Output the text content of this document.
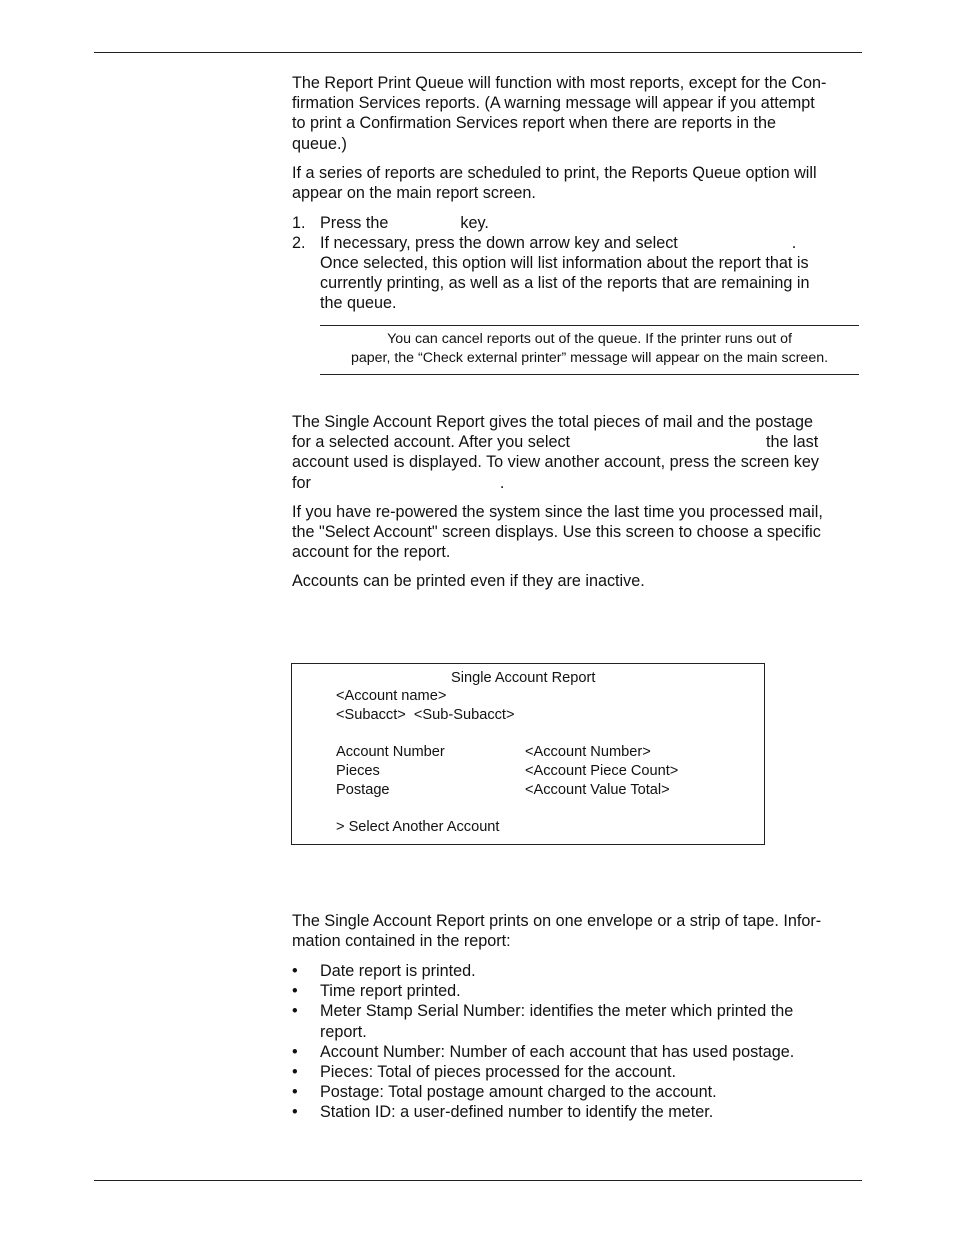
The Report Print Queue will function with most reports, except for the Con-
firmation Services reports. (A warning message will appear if you attempt
to print a Confirmation Services report when there are reports in the
queue.)

If a series of reports are scheduled to print, the Reports Queue option will
appear on the main report screen.

1. Press the	key.
2. If necessary, press the down arrow key and select	.
Once selected, this option will list information about the report that is
currently printing, as well as a list of the reports that are remaining in
the queue.
You can cancel reports out of the queue. If the printer runs out of
paper, the “Check external printer” message will appear on the main screen.

The Single Account Report gives the total pieces of mail and the postage
for a selected account. After you select	the last
account used is displayed. To view another account, press the screen key
for	.

If you have re-powered the system since the last time you processed mail,
the "Select Account" screen displays. Use this screen to choose a specific
account for the report.

Accounts can be printed even if they are inactive.

Single Account Report
<Account name>
<Subacct>  <Sub-Subacct>
Account Number	<Account Number>
Pieces	<Account Piece Count>
Postage	<Account Value Total>
> Select Another Account

The Single Account Report prints on one envelope or a strip of tape. Infor-
mation contained in the report:

• Date report is printed.
• Time report printed.
• Meter Stamp Serial Number: identifies the meter which printed the
report.
• Account Number: Number of each account that has used postage.
• Pieces: Total of pieces processed for the account.
• Postage: Total postage amount charged to the account.
• Station ID: a user-defined number to identify the meter.
